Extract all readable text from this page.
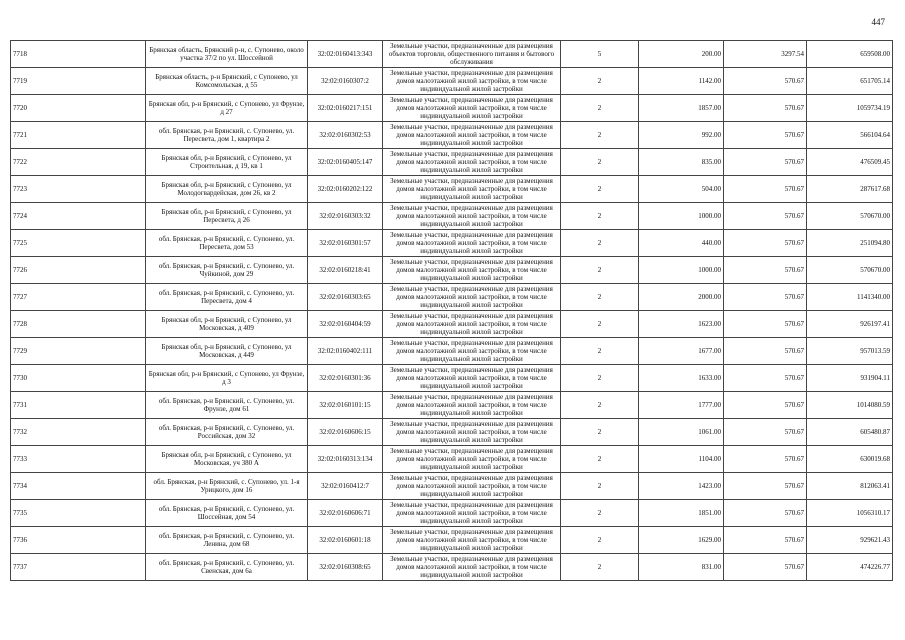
447
7718	Брянская область, Брянский р-н, с. Супонево, около участка 37/2 по ул. Шоссейной	32:02:0160413:343	Земельные участки, предназначенные для размещения объектов торговли, общественного питания и бытового обслуживания	5	200.00	3297.54	659508.00
7719	Брянская область, р-н Брянский, с Супонево, ул Комсомольская, д 55	32:02:0160307:2	Земельные участки, предназначенные для размещения домов малоэтажной жилой застройки, в том числе индивидуальной жилой застройки	2	1142.00	570.67	651705.14
7720	Брянская обл, р-н Брянский, с Супонево, ул Фрунзе, д 27	32:02:0160217:151	Земельные участки, предназначенные для размещения домов малоэтажной жилой застройки, в том числе индивидуальной жилой застройки	2	1857.00	570.67	1059734.19
7721	обл. Брянская, р-н Брянский, с. Супонево, ул. Пересвета, дом 1, квартира 2	32:02:0160302:53	Земельные участки, предназначенные для размещения домов малоэтажной жилой застройки, в том числе индивидуальной жилой застройки	2	992.00	570.67	566104.64
7722	Брянская обл, р-н Брянский, с Супонево, ул Строительная, д 19, кв 1	32:02:0160405:147	Земельные участки, предназначенные для размещения домов малоэтажной жилой застройки, в том числе индивидуальной жилой застройки	2	835.00	570.67	476509.45
7723	Брянская обл, р-н Брянский, с Супонево, ул Молодогвардейская, дом 26, кв 2	32:02:0160202:122	Земельные участки, предназначенные для размещения домов малоэтажной жилой застройки, в том числе индивидуальной жилой застройки	2	504.00	570.67	287617.68
7724	Брянская обл, р-н Брянский, с Супонево, ул Пересвета, д 26	32:02:0160303:32	Земельные участки, предназначенные для размещения домов малоэтажной жилой застройки, в том числе индивидуальной жилой застройки	2	1000.00	570.67	570670.00
7725	обл. Брянская, р-н Брянский, с. Супонево, ул. Пересвета, дом 53	32:02:0160301:57	Земельные участки, предназначенные для размещения домов малоэтажной жилой застройки, в том числе индивидуальной жилой застройки	2	440.00	570.67	251094.80
7726	обл. Брянская, р-н Брянский, с. Супонево, ул. Чуйкиной, дом 29	32:02:0160218:41	Земельные участки, предназначенные для размещения домов малоэтажной жилой застройки, в том числе индивидуальной жилой застройки	2	1000.00	570.67	570670.00
7727	обл. Брянская, р-н Брянский, с. Супонево, ул. Пересвета, дом 4	32:02:0160303:65	Земельные участки, предназначенные для размещения домов малоэтажной жилой застройки, в том числе индивидуальной жилой застройки	2	2000.00	570.67	1141340.00
7728	Брянская обл, р-н Брянский, с Супонево, ул Московская, д 409	32:02:0160404:59	Земельные участки, предназначенные для размещения домов малоэтажной жилой застройки, в том числе индивидуальной жилой застройки	2	1623.00	570.67	926197.41
7729	Брянская обл, р-н Брянский, с Супонево, ул Московская, д 449	32:02:0160402:111	Земельные участки, предназначенные для размещения домов малоэтажной жилой застройки, в том числе индивидуальной жилой застройки	2	1677.00	570.67	957013.59
7730	Брянская обл, р-н Брянский, с Супонево, ул Фрунзе, д 3	32:02:0160301:36	Земельные участки, предназначенные для размещения домов малоэтажной жилой застройки, в том числе индивидуальной жилой застройки	2	1633.00	570.67	931904.11
7731	обл. Брянская, р-н Брянский, с. Супонево, ул. Фрунзе, дом 61	32:02:0160101:15	Земельные участки, предназначенные для размещения домов малоэтажной жилой застройки, в том числе индивидуальной жилой застройки	2	1777.00	570.67	1014080.59
7732	обл. Брянская, р-н Брянский, с. Супонево, ул. Российская, дом 32	32:02:0160606:15	Земельные участки, предназначенные для размещения домов малоэтажной жилой застройки, в том числе индивидуальной жилой застройки	2	1061.00	570.67	605480.87
7733	Брянская обл, р-н Брянский, с Супонево, ул Московская, уч 380 А	32:02:0160313:134	Земельные участки, предназначенные для размещения домов малоэтажной жилой застройки, в том числе индивидуальной жилой застройки	2	1104.00	570.67	630019.68
7734	обл. Брянская, р-н Брянский, с. Супонево, ул. 1-я Урицкого, дом 16	32:02:0160412:7	Земельные участки, предназначенные для размещения домов малоэтажной жилой застройки, в том числе индивидуальной жилой застройки	2	1423.00	570.67	812063.41
7735	обл. Брянская, р-н Брянский, с. Супонево, ул. Шоссейная, дом 54	32:02:0160606:71	Земельные участки, предназначенные для размещения домов малоэтажной жилой застройки, в том числе индивидуальной жилой застройки	2	1851.00	570.67	1056310.17
7736	обл. Брянская, р-н Брянский, с. Супонево, ул. Ленина, дом 68	32:02:0160601:18	Земельные участки, предназначенные для размещения домов малоэтажной жилой застройки, в том числе индивидуальной жилой застройки	2	1629.00	570.67	929621.43
7737	обл. Брянская, р-н Брянский, с. Супонево, ул. Свенская, дом 6а	32:02:0160308:65	Земельные участки, предназначенные для размещения домов малоэтажной жилой застройки, в том числе индивидуальной жилой застройки	2	831.00	570.67	474226.77
